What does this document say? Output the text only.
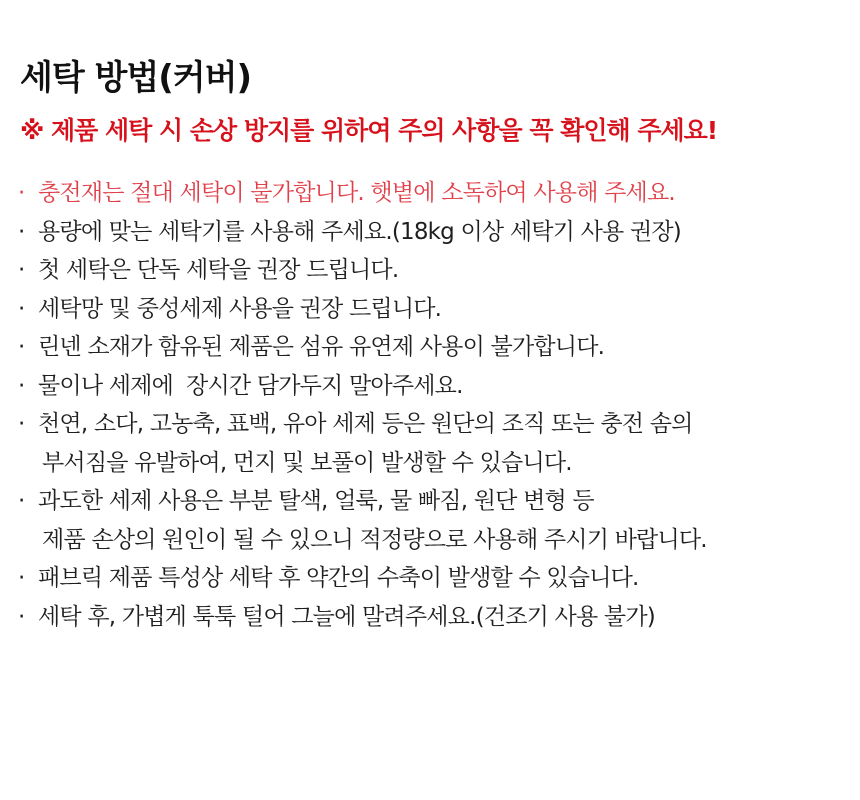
세탁 방법(커버)
※ 제품 세탁 시 손상 방지를 위하여 주의 사항을 꼭 확인해 주세요!
· 충전재는 절대 세탁이 불가합니다. 햇볕에 소독하여 사용해 주세요.
· 용량에 맞는 세탁기를 사용해 주세요.(18kg 이상 세탁기 사용 권장)
· 첫 세탁은 단독 세탁을 권장 드립니다.
· 세탁망 및 중성세제 사용을 권장 드립니다.
· 린넨 소재가 함유된 제품은 섬유 유연제 사용이 불가합니다.
· 물이나 세제에  장시간 담가두지 말아주세요.
· 천연, 소다, 고농축, 표백, 유아 세제 등은 원단의 조직 또는 충전 솜의
부서짐을 유발하여, 먼지 및 보풀이 발생할 수 있습니다.
· 과도한 세제 사용은 부분 탈색, 얼룩, 물 빠짐, 원단 변형 등
제품 손상의 원인이 될 수 있으니 적정량으로 사용해 주시기 바랍니다.
· 패브릭 제품 특성상 세탁 후 약간의 수축이 발생할 수 있습니다.
· 세탁 후, 가볍게 툭툭 털어 그늘에 말려주세요.(건조기 사용 불가)
